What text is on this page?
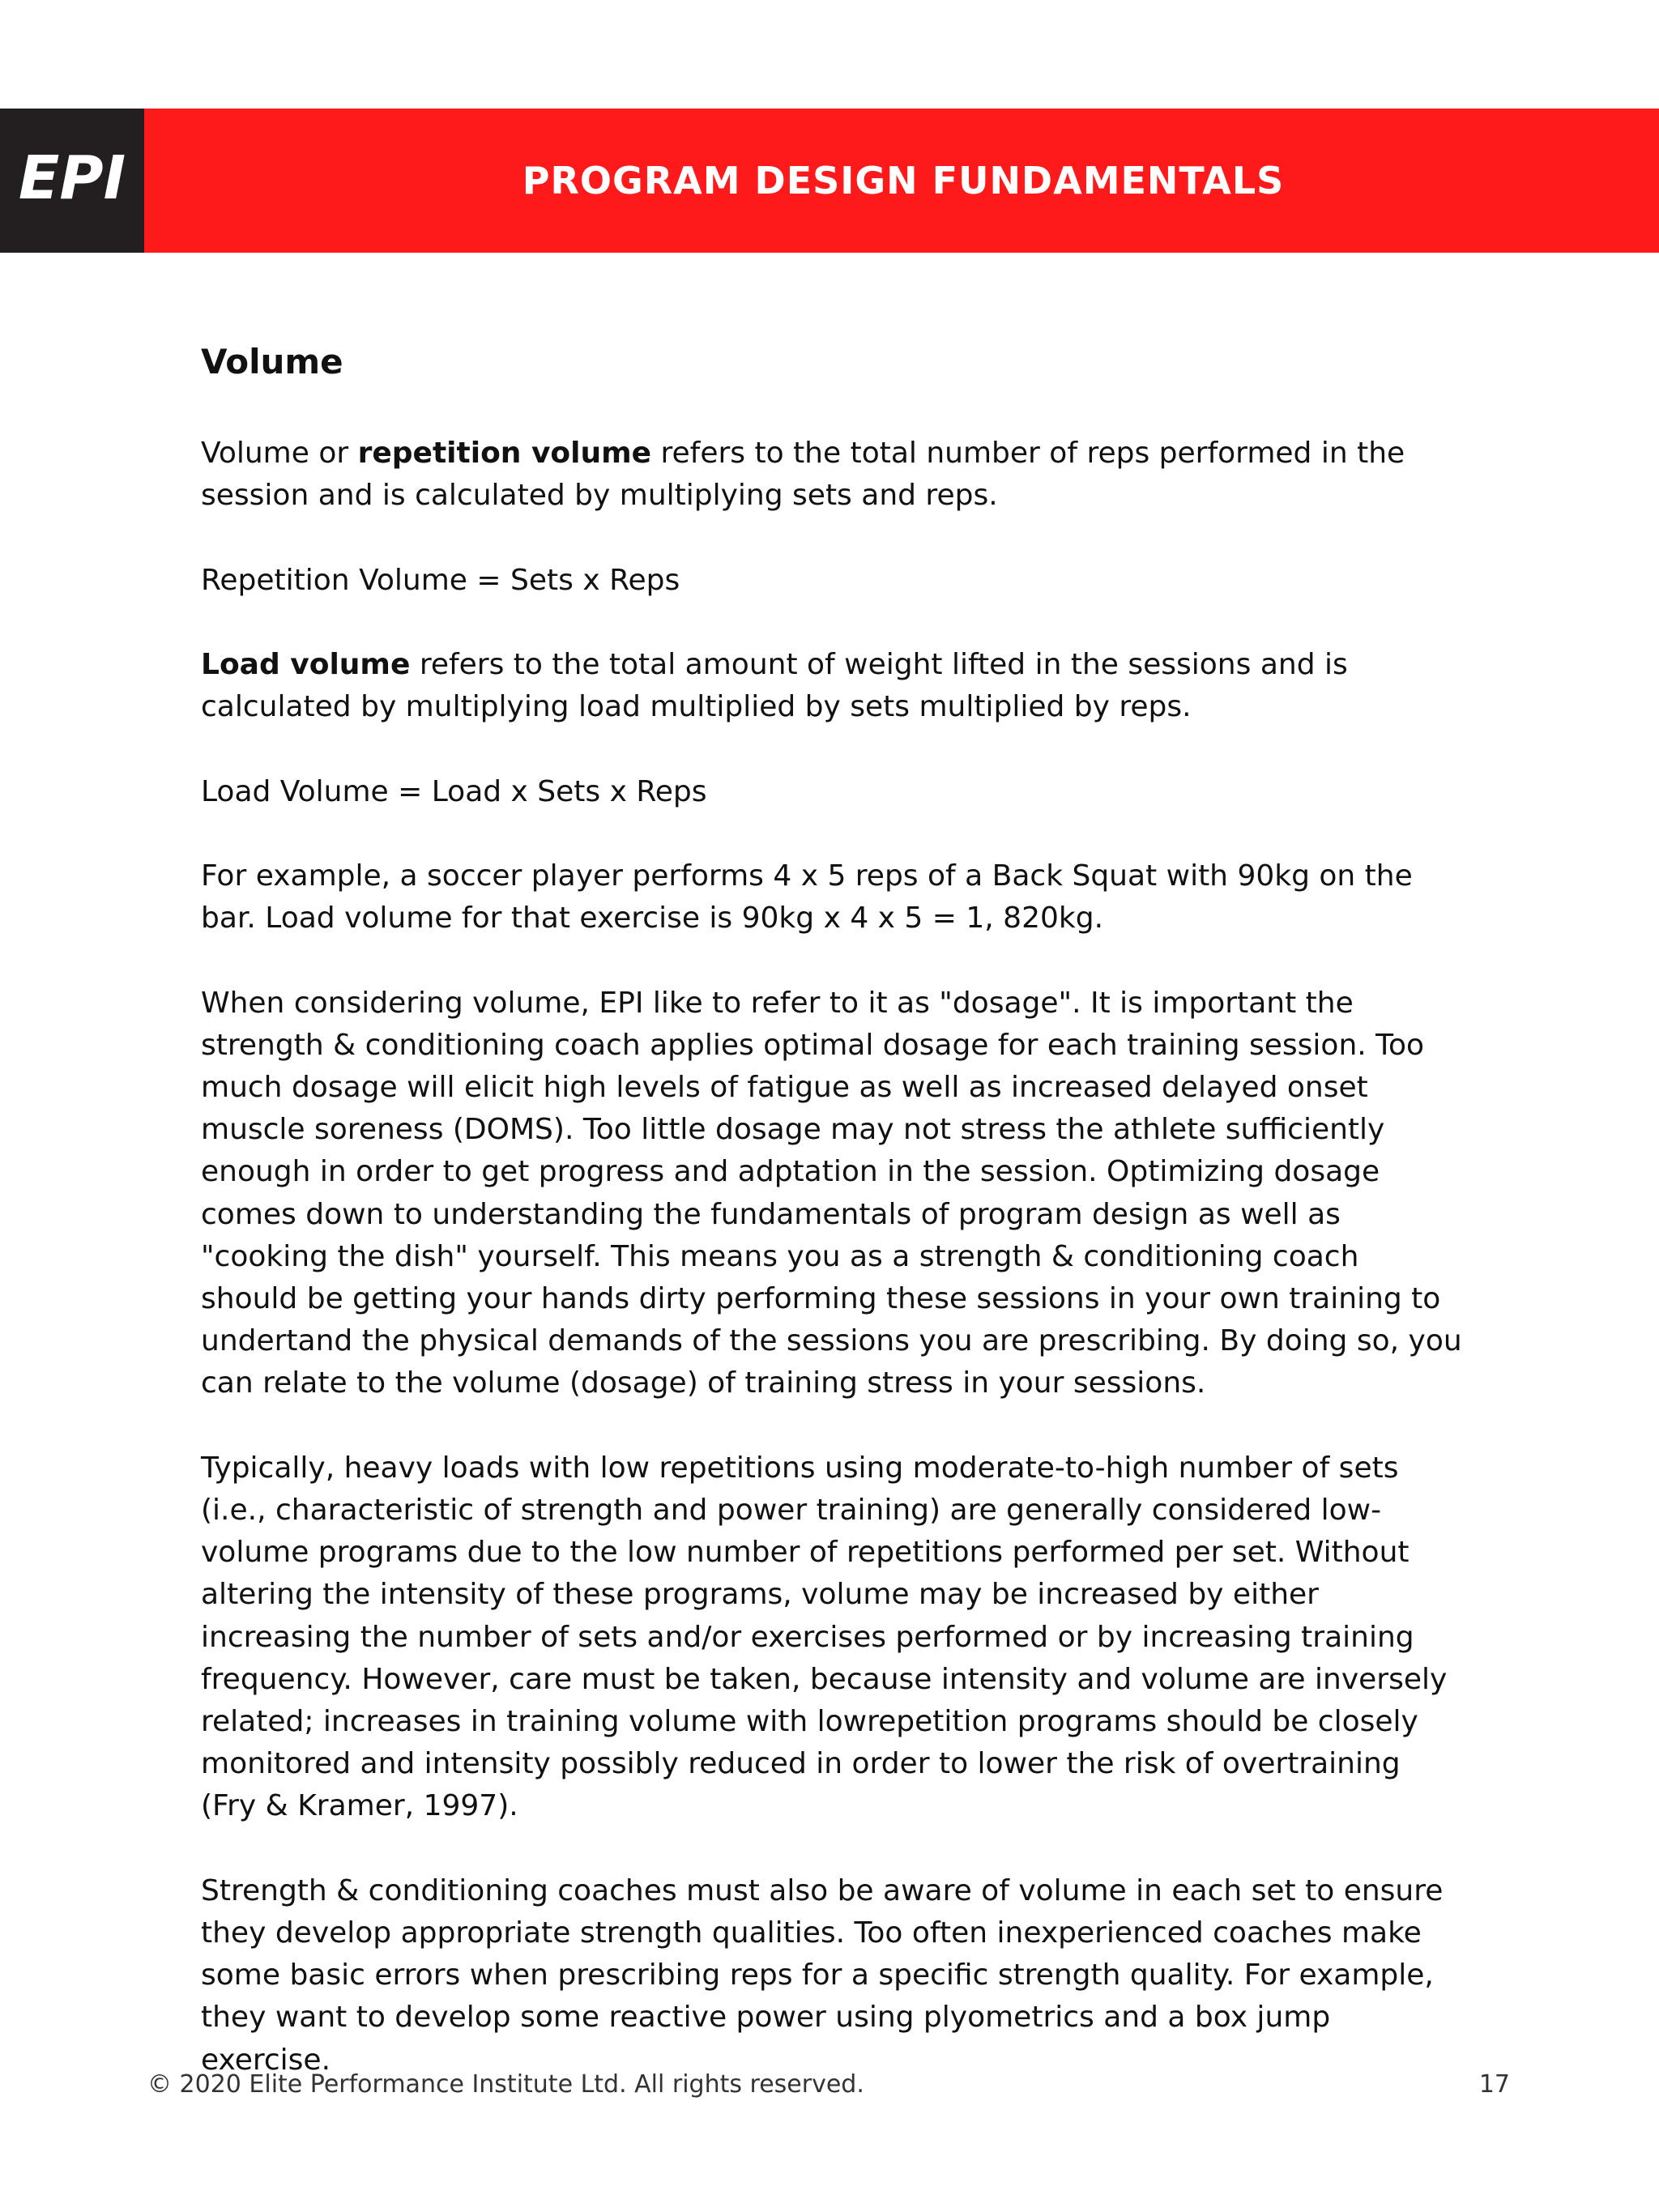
EPI	PROGRAM DESIGN FUNDAMENTALS
Volume

Volume or repetition volume refers to the total number of reps performed in the session and is calculated by multiplying sets and reps.

Repetition Volume = Sets x Reps

Load volume refers to the total amount of weight lifted in the sessions and is calculated by multiplying load multiplied by sets multiplied by reps.

Load Volume = Load x Sets x Reps

For example, a soccer player performs 4 x 5 reps of a Back Squat with 90kg on the bar. Load volume for that exercise is 90kg x 4 x 5 = 1, 820kg.

When considering volume, EPI like to refer to it as "dosage". It is important the strength & conditioning coach applies optimal dosage for each training session. Too much dosage will elicit high levels of fatigue as well as increased delayed onset muscle soreness (DOMS). Too little dosage may not stress the athlete sufficiently enough in order to get progress and adptation in the session. Optimizing dosage comes down to understanding the fundamentals of program design as well as "cooking the dish" yourself. This means you as a strength & conditioning coach should be getting your hands dirty performing these sessions in your own training to undertand the physical demands of the sessions you are prescribing. By doing so, you can relate to the volume (dosage) of training stress in your sessions.

Typically, heavy loads with low repetitions using moderate-to-high number of sets (i.e., characteristic of strength and power training) are generally considered low-volume programs due to the low number of repetitions performed per set. Without altering the intensity of these programs, volume may be increased by either increasing the number of sets and/or exercises performed or by increasing training frequency. However, care must be taken, because intensity and volume are inversely related; increases in training volume with lowrepetition programs should be closely monitored and intensity possibly reduced in order to lower the risk of overtraining (Fry & Kramer, 1997).

Strength & conditioning coaches must also be aware of volume in each set to ensure they develop appropriate strength qualities. Too often inexperienced coaches make some basic errors when prescribing reps for a specific strength quality. For example, they want to develop some reactive power using plyometrics and a box jump exercise.

© 2020 Elite Performance Institute Ltd. All rights reserved.	17
